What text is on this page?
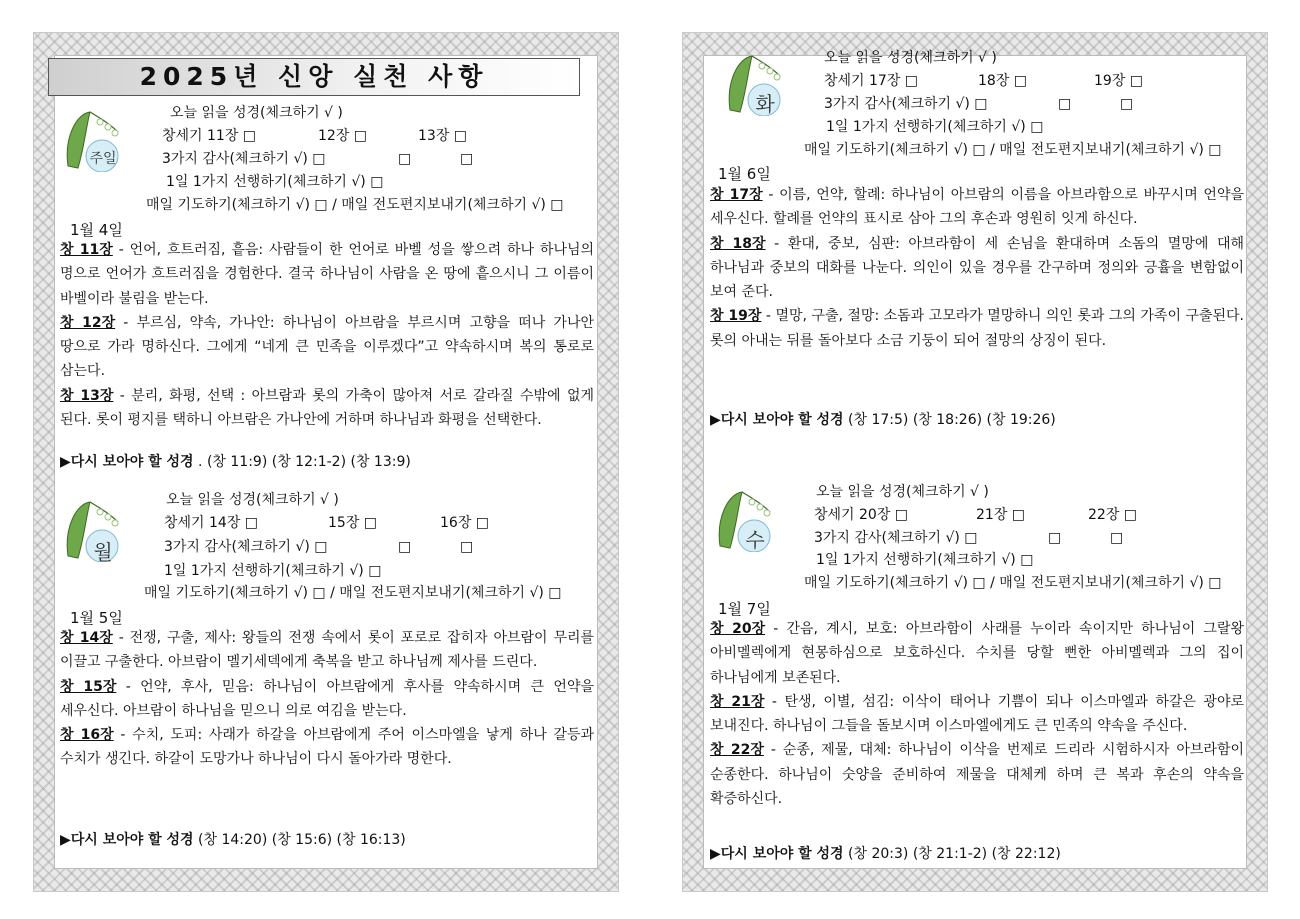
2025년 신앙 실천 사항
주일
오늘 읽을 성경(체크하기 √ )
창세기 11장 □	12장 □	13장 □
3가지 감사(체크하기 √) □	□	□
1일 1가지 선행하기(체크하기 √) □
매일 기도하기(체크하기 √) □ / 매일 전도편지보내기(체크하기 √) □
1월 4일
창 11장 - 언어, 흐트러짐, 흩음: 사람들이 한 언어로 바벨 성을 쌓으려 하나 하나님의 명으로 언어가 흐트러짐을 경험한다. 결국 하나님이 사람을 온 땅에 흩으시니 그 이름이 바벨이라 불림을 받는다.
창 12장 - 부르심, 약속, 가나안: 하나님이 아브람을 부르시며 고향을 떠나 가나안 땅으로 가라 명하신다. 그에게 “네게 큰 민족을 이루겠다”고 약속하시며 복의 통로로 삼는다.
창 13장 - 분리, 화평, 선택 : 아브람과 롯의 가축이 많아져 서로 갈라질 수밖에 없게 된다. 롯이 평지를 택하니 아브람은 가나안에 거하며 하나님과 화평을 선택한다.
▶다시 보아야 할 성경 . (창 11:9) (창 12:1-2) (창 13:9)
월
오늘 읽을 성경(체크하기 √ )
창세기 14장 □	15장 □	16장 □
3가지 감사(체크하기 √) □	□	□
1일 1가지 선행하기(체크하기 √) □
매일 기도하기(체크하기 √) □ / 매일 전도편지보내기(체크하기 √) □
1월 5일
창 14장 - 전쟁, 구출, 제사: 왕들의 전쟁 속에서 롯이 포로로 잡히자 아브람이 무리를 이끌고 구출한다. 아브람이 멜기세덱에게 축복을 받고 하나님께 제사를 드린다.
창 15장 - 언약, 후사, 믿음: 하나님이 아브람에게 후사를 약속하시며 큰 언약을 세우신다. 아브람이 하나님을 믿으니 의로 여김을 받는다.
창 16장 - 수치, 도피: 사래가 하갈을 아브람에게 주어 이스마엘을 낳게 하나 갈등과 수치가 생긴다. 하갈이 도망가나 하나님이 다시 돌아가라 명한다.
▶다시 보아야 할 성경 (창 14:20) (창 15:6) (창 16:13)
화
오늘 읽을 성경(체크하기 √ )
창세기 17장 □	18장 □	19장 □
3가지 감사(체크하기 √) □	□	□
1일 1가지 선행하기(체크하기 √) □
매일 기도하기(체크하기 √) □ / 매일 전도편지보내기(체크하기 √) □
1월 6일
창 17장 - 이름, 언약, 할례: 하나님이 아브람의 이름을 아브라함으로 바꾸시며 언약을 세우신다. 할례를 언약의 표시로 삼아 그의 후손과 영원히 잇게 하신다.
창 18장 - 환대, 중보, 심판: 아브라함이 세 손님을 환대하며 소돔의 멸망에 대해 하나님과 중보의 대화를 나눈다. 의인이 있을 경우를 간구하며 정의와 긍휼을 변함없이 보여 준다.
창 19장 - 멸망, 구출, 절망: 소돔과 고모라가 멸망하니 의인 롯과 그의 가족이 구출된다. 롯의 아내는 뒤를 돌아보다 소금 기둥이 되어 절망의 상징이 된다.
▶다시 보아야 할 성경 (창 17:5) (창 18:26) (창 19:26)
수
오늘 읽을 성경(체크하기 √ )
창세기 20장 □	21장 □	22장 □
3가지 감사(체크하기 √) □	□	□
1일 1가지 선행하기(체크하기 √) □
매일 기도하기(체크하기 √) □ / 매일 전도편지보내기(체크하기 √) □
1월 7일
창 20장 - 간음, 계시, 보호: 아브라함이 사래를 누이라 속이지만 하나님이 그랄왕 아비멜렉에게 현몽하심으로 보호하신다. 수치를 당할 뻔한 아비멜렉과 그의 집이 하나님에게 보존된다.
창 21장 - 탄생, 이별, 섬김: 이삭이 태어나 기쁨이 되나 이스마엘과 하갈은 광야로 보내진다. 하나님이 그들을 돌보시며 이스마엘에게도 큰 민족의 약속을 주신다.
창 22장 - 순종, 제물, 대체: 하나님이 이삭을 번제로 드리라 시험하시자 아브라함이 순종한다. 하나님이 숫양을 준비하여 제물을 대체케 하며 큰 복과 후손의 약속을 확증하신다.
▶다시 보아야 할 성경 (창 20:3) (창 21:1-2) (창 22:12)
